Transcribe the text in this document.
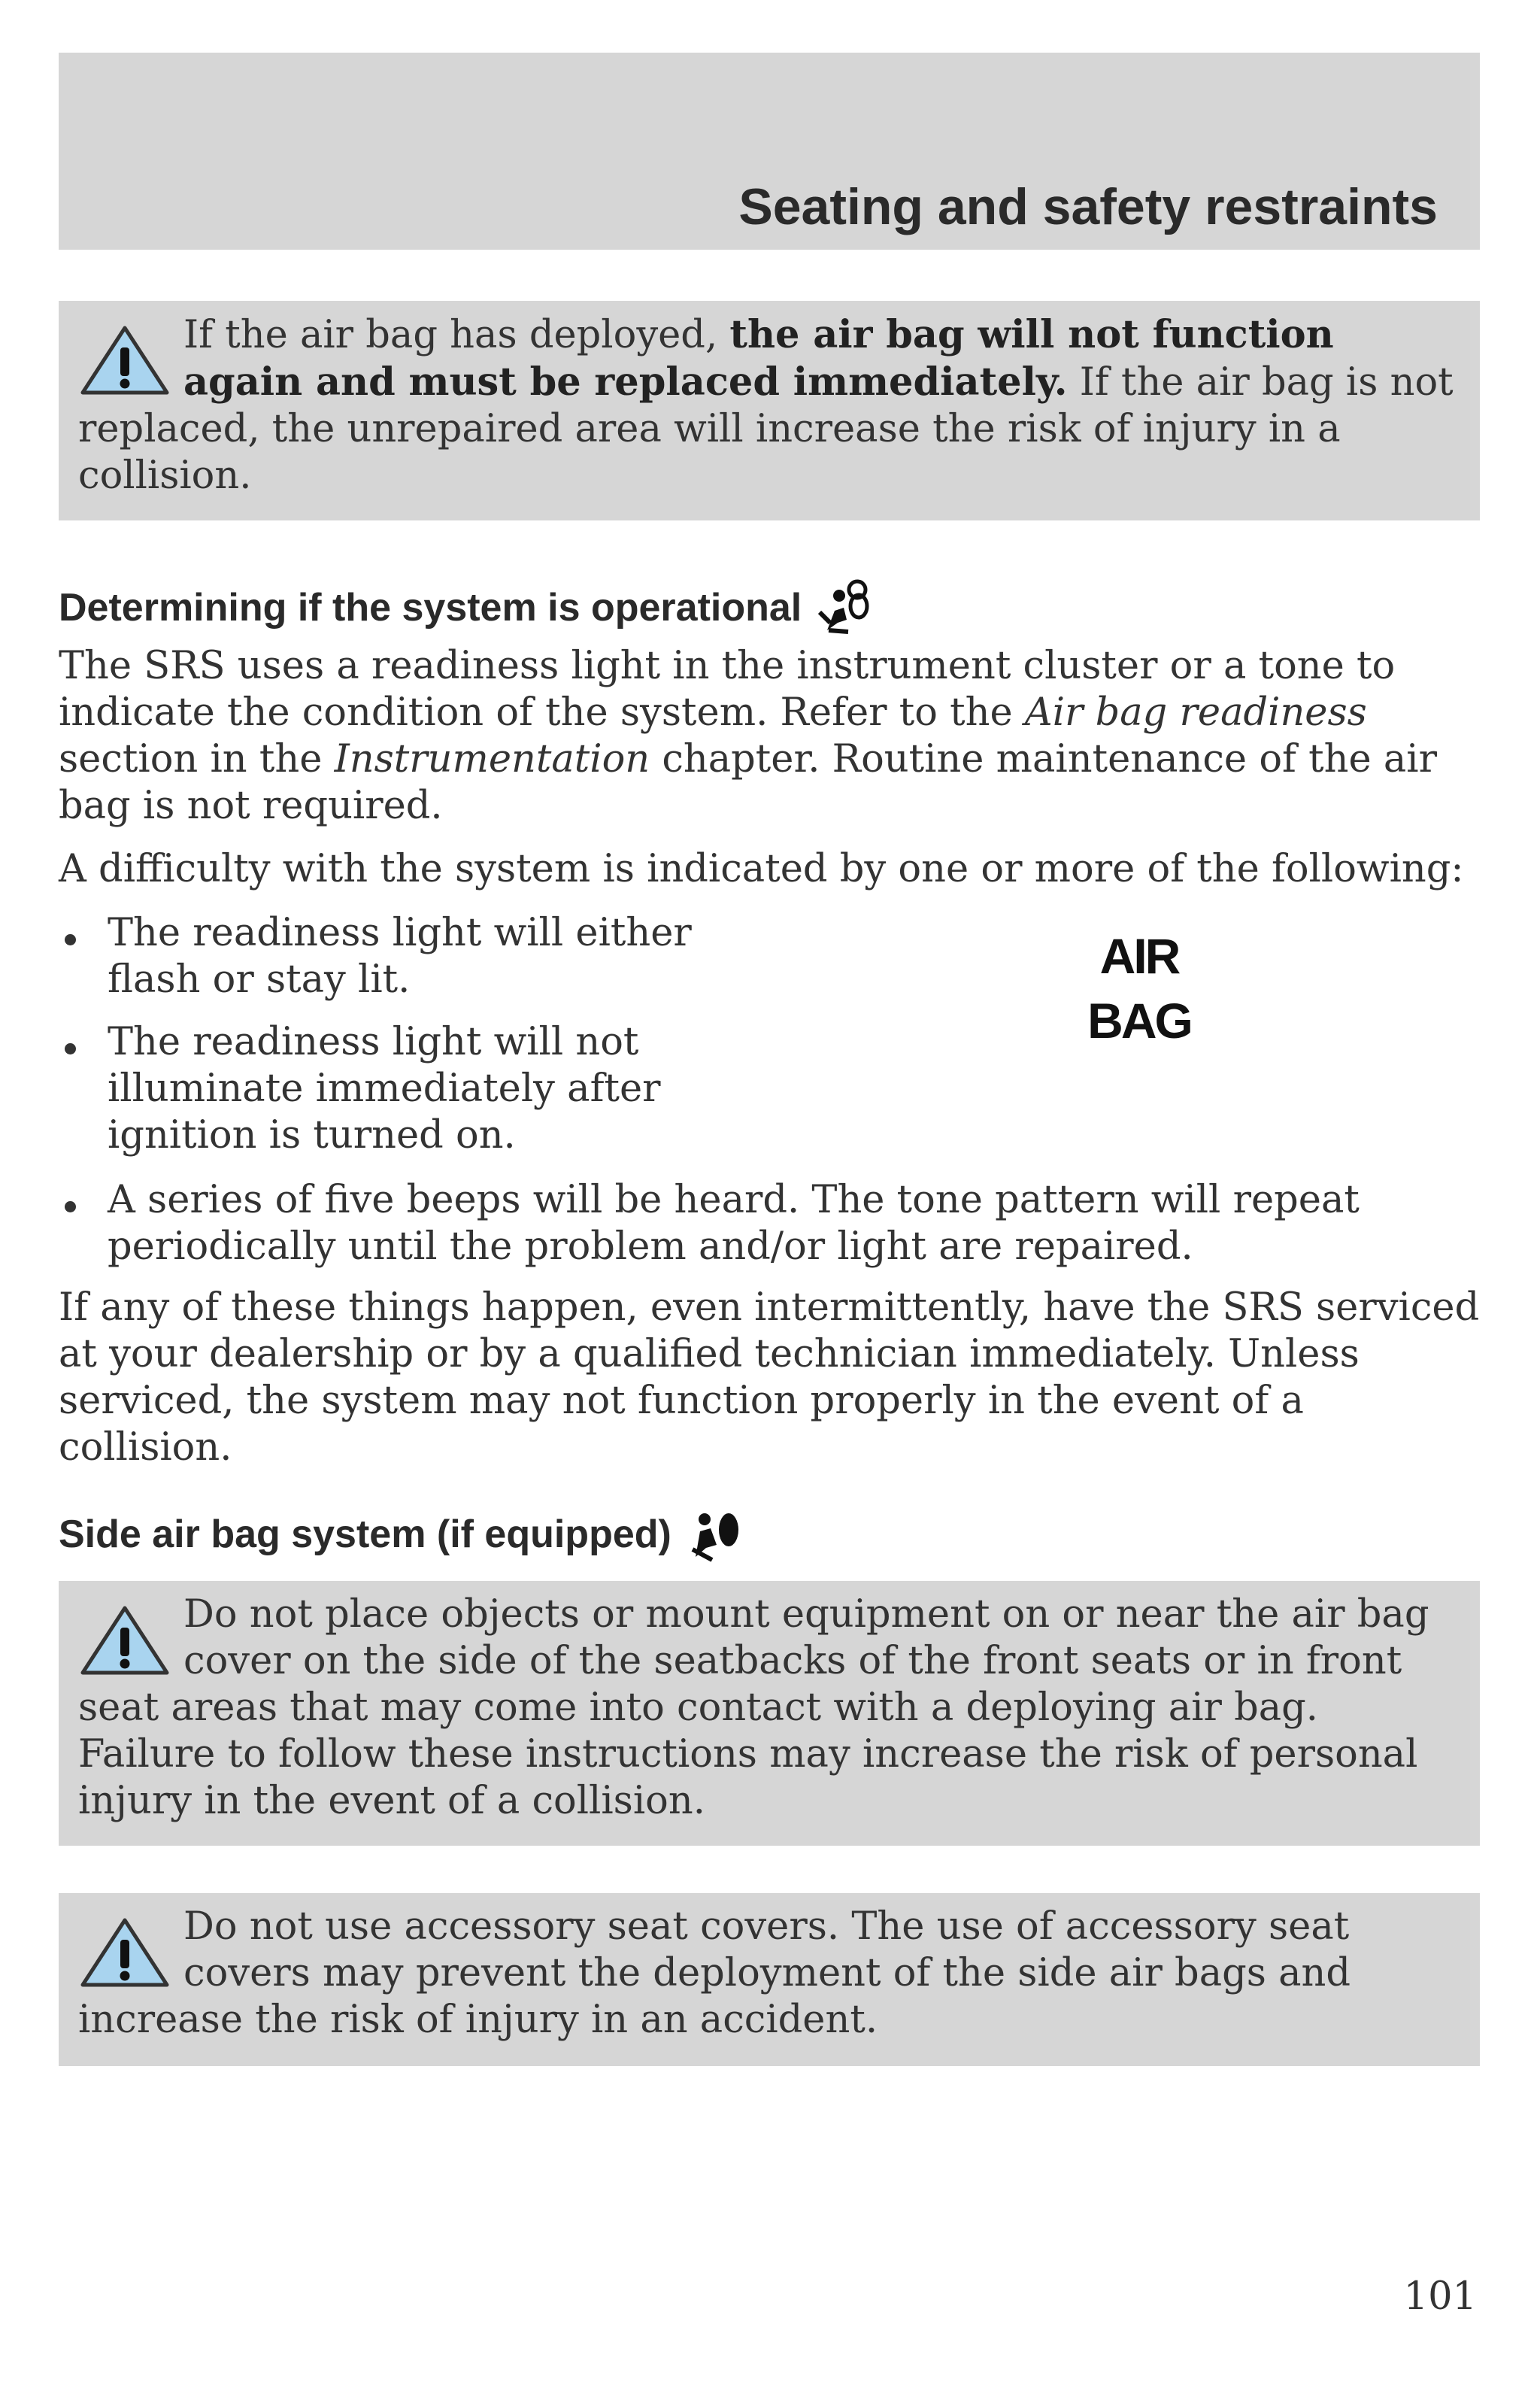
Seating and safety restraints
If the air bag has deployed, the air bag will not function again and must be replaced immediately. If the air bag is not replaced, the unrepaired area will increase the risk of injury in a collision.
Determining if the system is operational

The SRS uses a readiness light in the instrument cluster or a tone to indicate the condition of the system. Refer to the Air bag readiness section in the Instrumentation chapter. Routine maintenance of the air bag is not required.

A difficulty with the system is indicated by one or more of the following:

The readiness light will either flash or stay lit.

The readiness light will not illuminate immediately after ignition is turned on.

A series of five beeps will be heard. The tone pattern will repeat periodically until the problem and/or light are repaired.

AIR
BAG

If any of these things happen, even intermittently, have the SRS serviced at your dealership or by a qualified technician immediately. Unless serviced, the system may not function properly in the event of a collision.

Side air bag system (if equipped)
Do not place objects or mount equipment on or near the air bag cover on the side of the seatbacks of the front seats or in front seat areas that may come into contact with a deploying air bag. Failure to follow these instructions may increase the risk of personal injury in the event of a collision.
Do not use accessory seat covers. The use of accessory seat covers may prevent the deployment of the side air bags and increase the risk of injury in an accident.
101
